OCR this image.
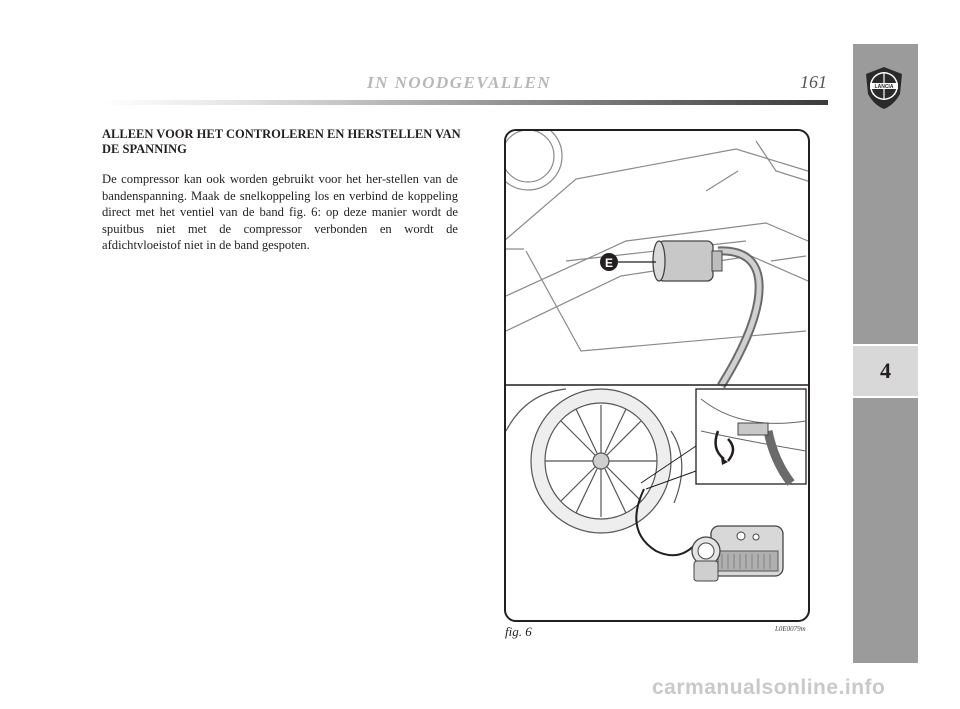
IN NOODGEVALLEN	161	LANCIA
4
ALLEEN VOOR HET CONTROLEREN EN HERSTELLEN VAN DE SPANNING

De compressor kan ook worden gebruikt voor het her-stellen van de bandenspanning. Maak de snelkoppeling los en verbind de koppeling direct met het ventiel van de band fig. 6: op deze manier wordt de spuitbus niet met de compressor verbonden en wordt de afdichtvloeistof niet in de band gespoten.

E
fig. 6	L0E0079m
carmanualsonline.info
